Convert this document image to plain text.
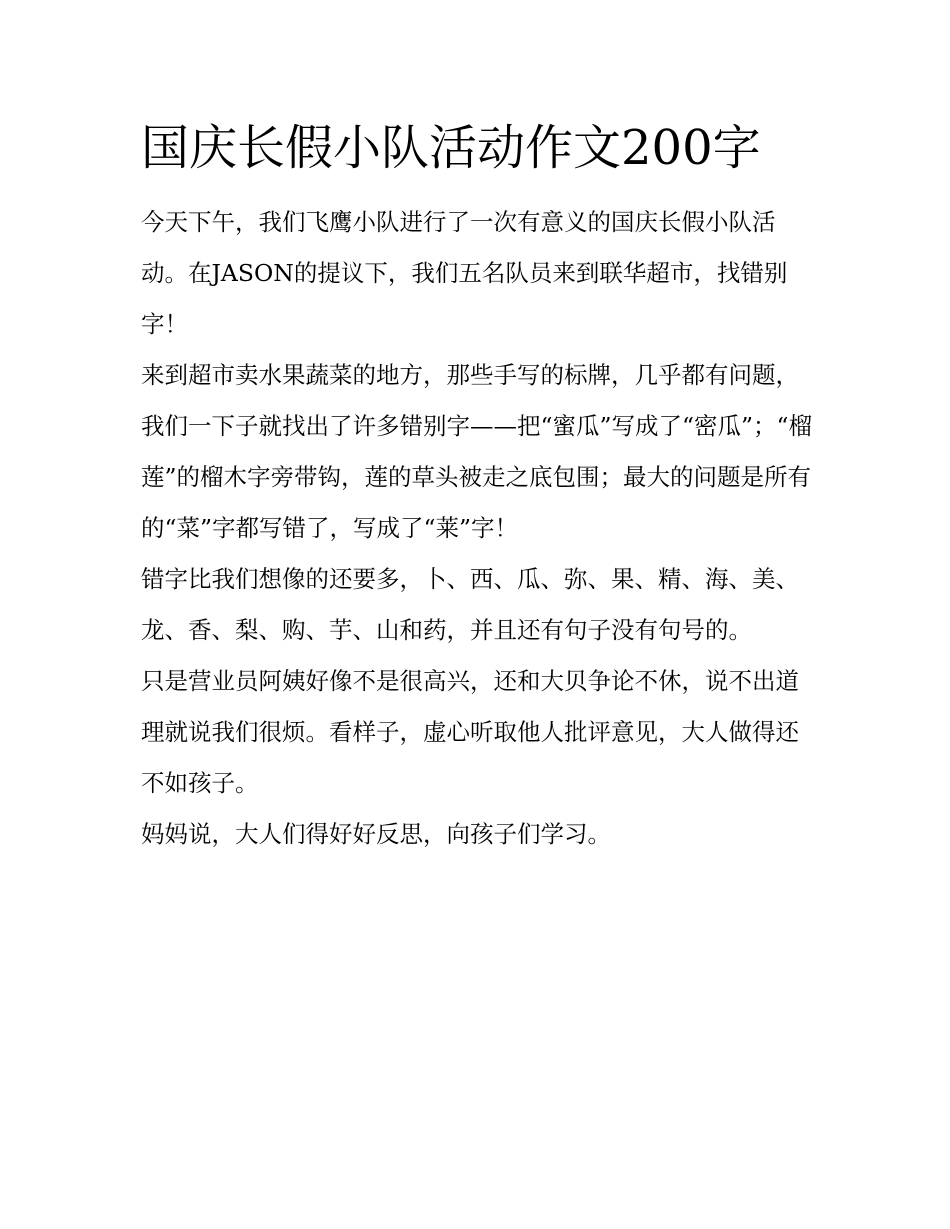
国庆长假小队活动作文200字

今天下午，我们飞鹰小队进行了一次有意义的国庆长假小队活动。在JASON的提议下，我们五名队员来到联华超市，找错别字！

来到超市卖水果蔬菜的地方，那些手写的标牌，几乎都有问题，我们一下子就找出了许多错别字——把“蜜瓜”写成了“密瓜”；“榴莲”的榴木字旁带钩，莲的草头被走之底包围；最大的问题是所有的“菜”字都写错了，写成了“莱”字！

错字比我们想像的还要多，卜、西、瓜、弥、果、精、海、美、龙、香、梨、购、芋、山和药，并且还有句子没有句号的。

只是营业员阿姨好像不是很高兴，还和大贝争论不休，说不出道理就说我们很烦。看样子，虚心听取他人批评意见，大人做得还不如孩子。

妈妈说，大人们得好好反思，向孩子们学习。
